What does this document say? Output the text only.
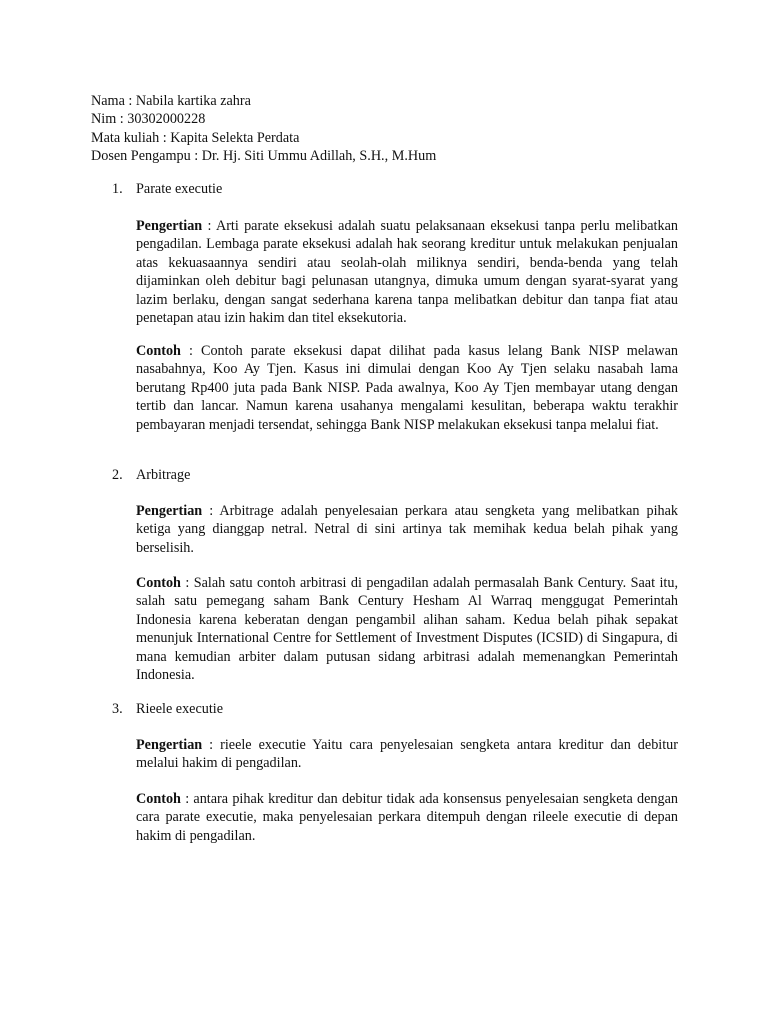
Nama : Nabila kartika zahra
Nim : 30302000228
Mata kuliah : Kapita Selekta Perdata
Dosen Pengampu : Dr. Hj. Siti Ummu Adillah, S.H., M.Hum
1. Parate executie

Pengertian : Arti parate eksekusi adalah suatu pelaksanaan eksekusi tanpa perlu melibatkan pengadilan. Lembaga parate eksekusi adalah hak seorang kreditur untuk melakukan penjualan atas kekuasaannya sendiri atau seolah-olah miliknya sendiri, benda-benda yang telah dijaminkan oleh debitur bagi pelunasan utangnya, dimuka umum dengan syarat-syarat yang lazim berlaku, dengan sangat sederhana karena tanpa melibatkan debitur dan tanpa fiat atau penetapan atau izin hakim dan titel eksekutoria.

Contoh : Contoh parate eksekusi dapat dilihat pada kasus lelang Bank NISP melawan nasabahnya, Koo Ay Tjen. Kasus ini dimulai dengan Koo Ay Tjen selaku nasabah lama berutang Rp400 juta pada Bank NISP. Pada awalnya, Koo Ay Tjen membayar utang dengan tertib dan lancar. Namun karena usahanya mengalami kesulitan, beberapa waktu terakhir pembayaran menjadi tersendat, sehingga Bank NISP melakukan eksekusi tanpa melalui fiat.

2. Arbitrage

Pengertian : Arbitrage adalah penyelesaian perkara atau sengketa yang melibatkan pihak ketiga yang dianggap netral. Netral di sini artinya tak memihak kedua belah pihak yang berselisih.

Contoh : Salah satu contoh arbitrasi di pengadilan adalah permasalah Bank Century. Saat itu, salah satu pemegang saham Bank Century Hesham Al Warraq menggugat Pemerintah Indonesia karena keberatan dengan pengambil alihan saham. Kedua belah pihak sepakat menunjuk International Centre for Settlement of Investment Disputes (ICSID) di Singapura, di mana kemudian arbiter dalam putusan sidang arbitrasi adalah memenangkan Pemerintah Indonesia.

3. Rieele executie

Pengertian : rieele executie Yaitu cara penyelesaian sengketa antara kreditur dan debitur melalui hakim di pengadilan.

Contoh : antara pihak kreditur dan debitur tidak ada konsensus penyelesaian sengketa dengan cara parate executie, maka penyelesaian perkara ditempuh dengan rileele executie di depan hakim di pengadilan.
